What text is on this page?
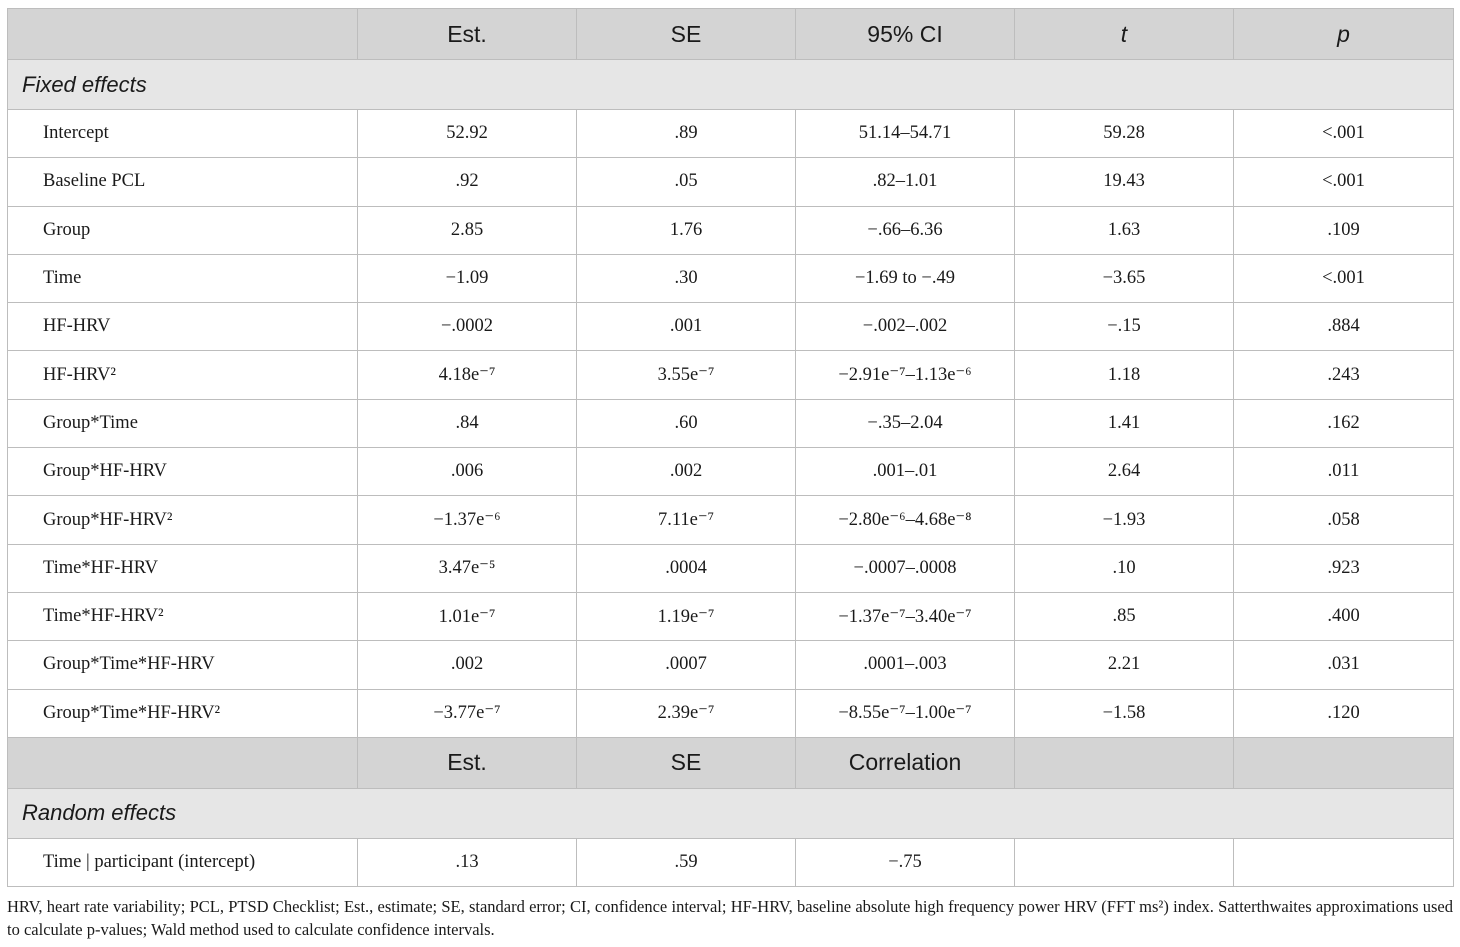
	Est.	SE	95% CI	t	p
Fixed effects					
Intercept	52.92	.89	51.14–54.71	59.28	<.001
Baseline PCL	.92	.05	.82–1.01	19.43	<.001
Group	2.85	1.76	−.66–6.36	1.63	.109
Time	−1.09	.30	−1.69 to −.49	−3.65	<.001
HF-HRV	−.0002	.001	−.002–.002	−.15	.884
HF-HRV²	4.18e⁻⁷	3.55e⁻⁷	−2.91e⁻⁷–1.13e⁻⁶	1.18	.243
Group*Time	.84	.60	−.35–2.04	1.41	.162
Group*HF-HRV	.006	.002	.001–.01	2.64	.011
Group*HF-HRV²	−1.37e⁻⁶	7.11e⁻⁷	−2.80e⁻⁶–4.68e⁻⁸	−1.93	.058
Time*HF-HRV	3.47e⁻⁵	.0004	−.0007–.0008	.10	.923
Time*HF-HRV²	1.01e⁻⁷	1.19e⁻⁷	−1.37e⁻⁷–3.40e⁻⁷	.85	.400
Group*Time*HF-HRV	.002	.0007	.0001–.003	2.21	.031
Group*Time*HF-HRV²	−3.77e⁻⁷	2.39e⁻⁷	−8.55e⁻⁷–1.00e⁻⁷	−1.58	.120
	Est.	SE	Correlation		
Random effects					
Time | participant (intercept)	.13	.59	−.75		
HRV, heart rate variability; PCL, PTSD Checklist; Est., estimate; SE, standard error; CI, confidence interval; HF-HRV, baseline absolute high frequency power HRV (FFT ms²) index. Satterthwaites approximations used to calculate p-values; Wald method used to calculate confidence intervals.
